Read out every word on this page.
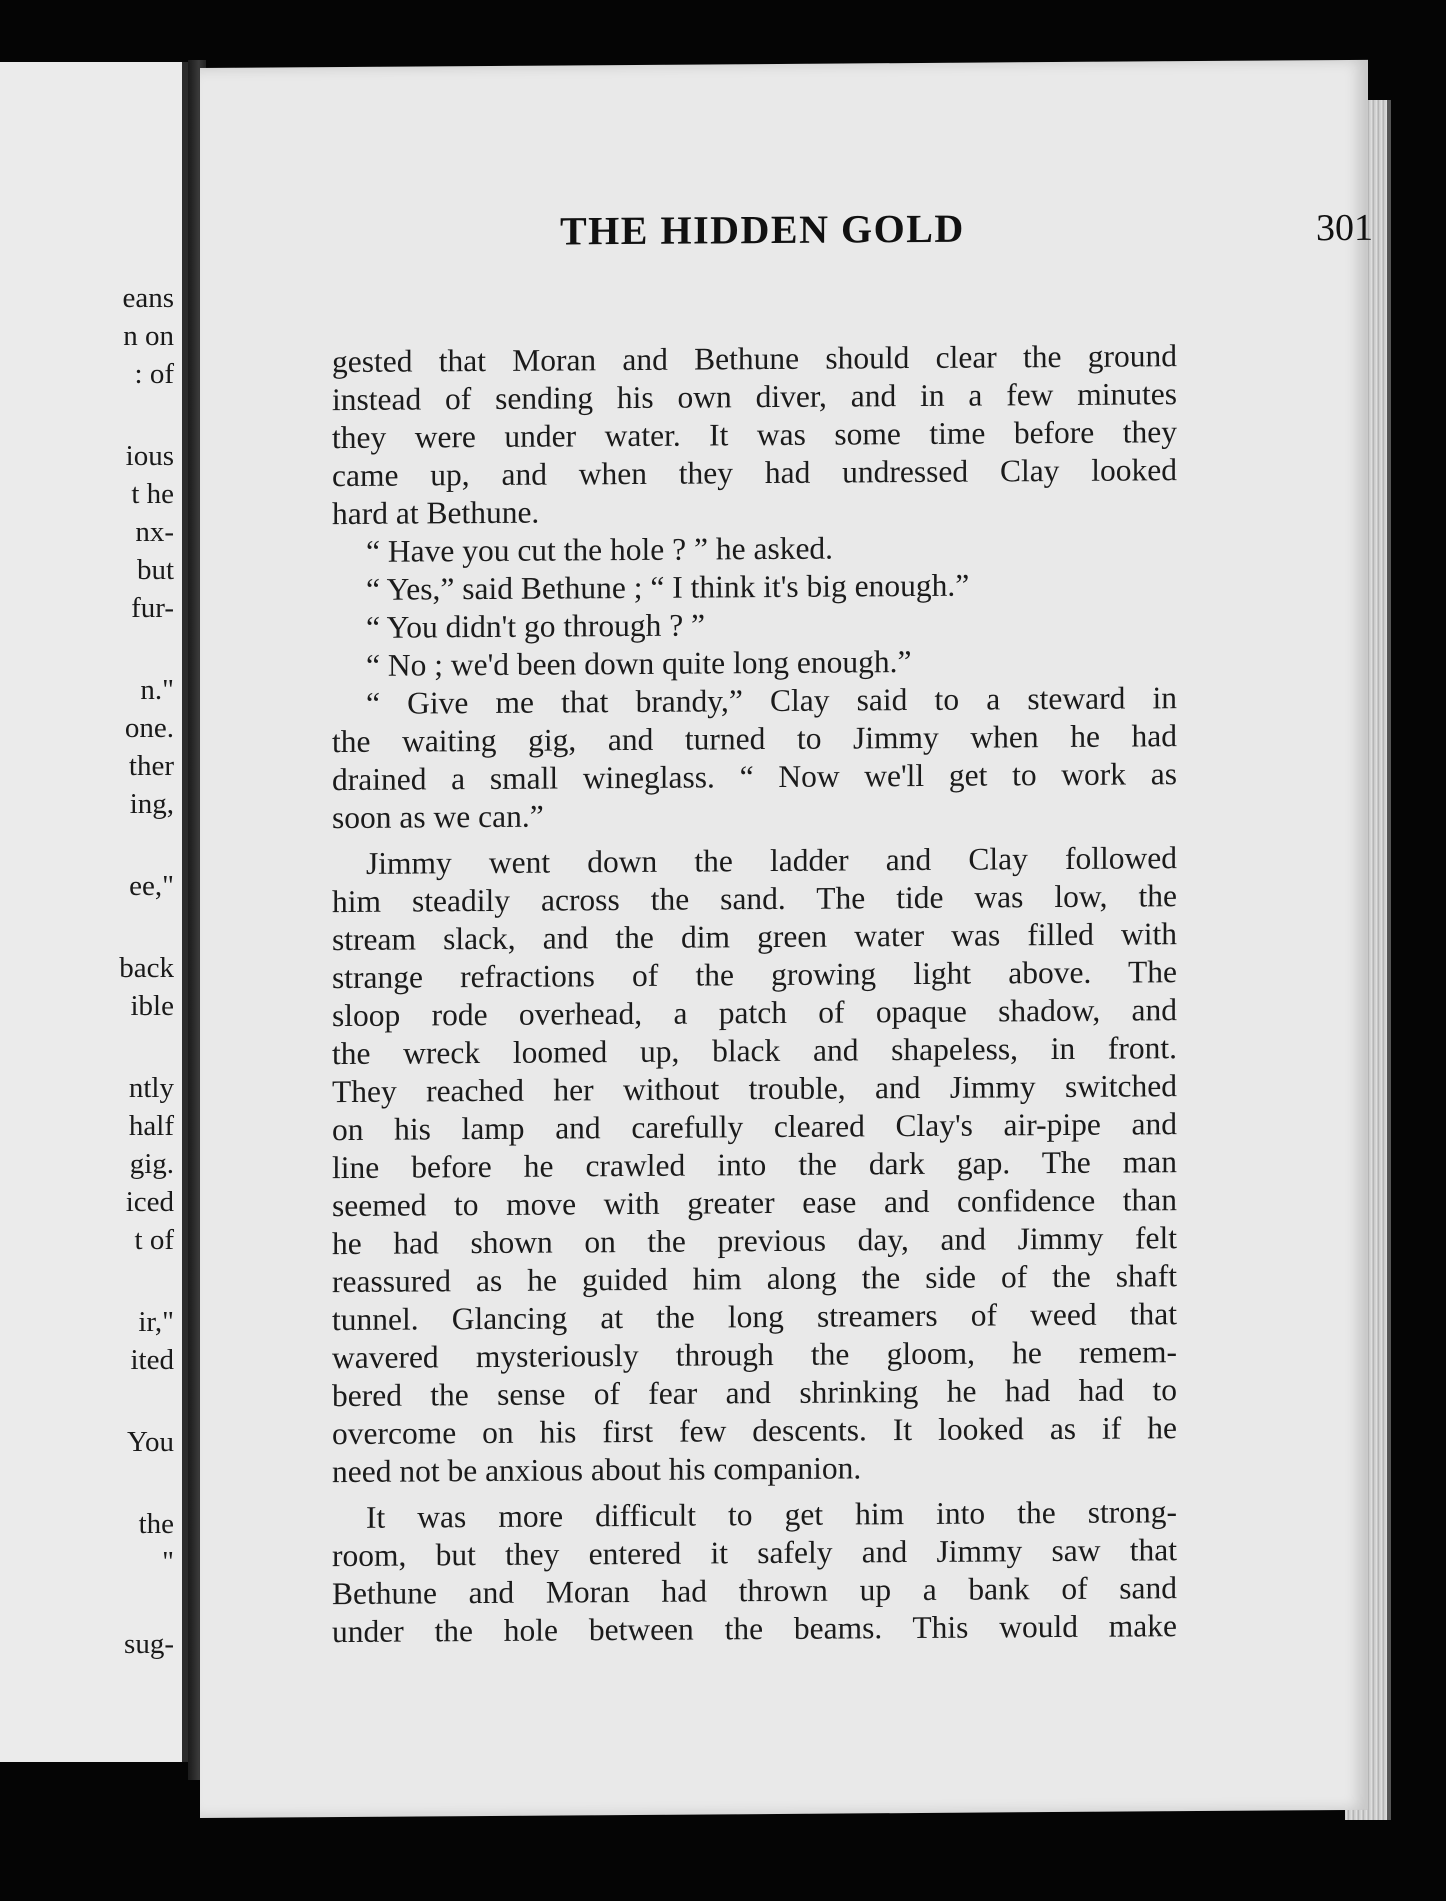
eans
n on
: of
ious
t he
nx-
but
fur-
n."
one.
ther
ing,
ee,"
back
ible
ntly
half
gig.
iced
t of
ir,"
ited
You
the
"
sug-
THE HIDDEN GOLD	301
gested that Moran and Bethune should clear the ground
instead of sending his own diver, and in a few minutes
they were under water. It was some time before they
came up, and when they had undressed Clay looked
hard at Bethune.
“ Have you cut the hole ? ” he asked.
“ Yes,” said Bethune ; “ I think it's big enough.”
“ You didn't go through ? ”
“ No ; we'd been down quite long enough.”
“ Give me that brandy,” Clay said to a steward in
the waiting gig, and turned to Jimmy when he had
drained a small wineglass. “ Now we'll get to work as
soon as we can.”
Jimmy went down the ladder and Clay followed
him steadily across the sand. The tide was low, the
stream slack, and the dim green water was filled with
strange refractions of the growing light above. The
sloop rode overhead, a patch of opaque shadow, and
the wreck loomed up, black and shapeless, in front.
They reached her without trouble, and Jimmy switched
on his lamp and carefully cleared Clay's air-pipe and
line before he crawled into the dark gap. The man
seemed to move with greater ease and confidence than
he had shown on the previous day, and Jimmy felt
reassured as he guided him along the side of the shaft
tunnel. Glancing at the long streamers of weed that
wavered mysteriously through the gloom, he remem-
bered the sense of fear and shrinking he had had to
overcome on his first few descents. It looked as if he
need not be anxious about his companion.
It was more difficult to get him into the strong-
room, but they entered it safely and Jimmy saw that
Bethune and Moran had thrown up a bank of sand
under the hole between the beams. This would make
